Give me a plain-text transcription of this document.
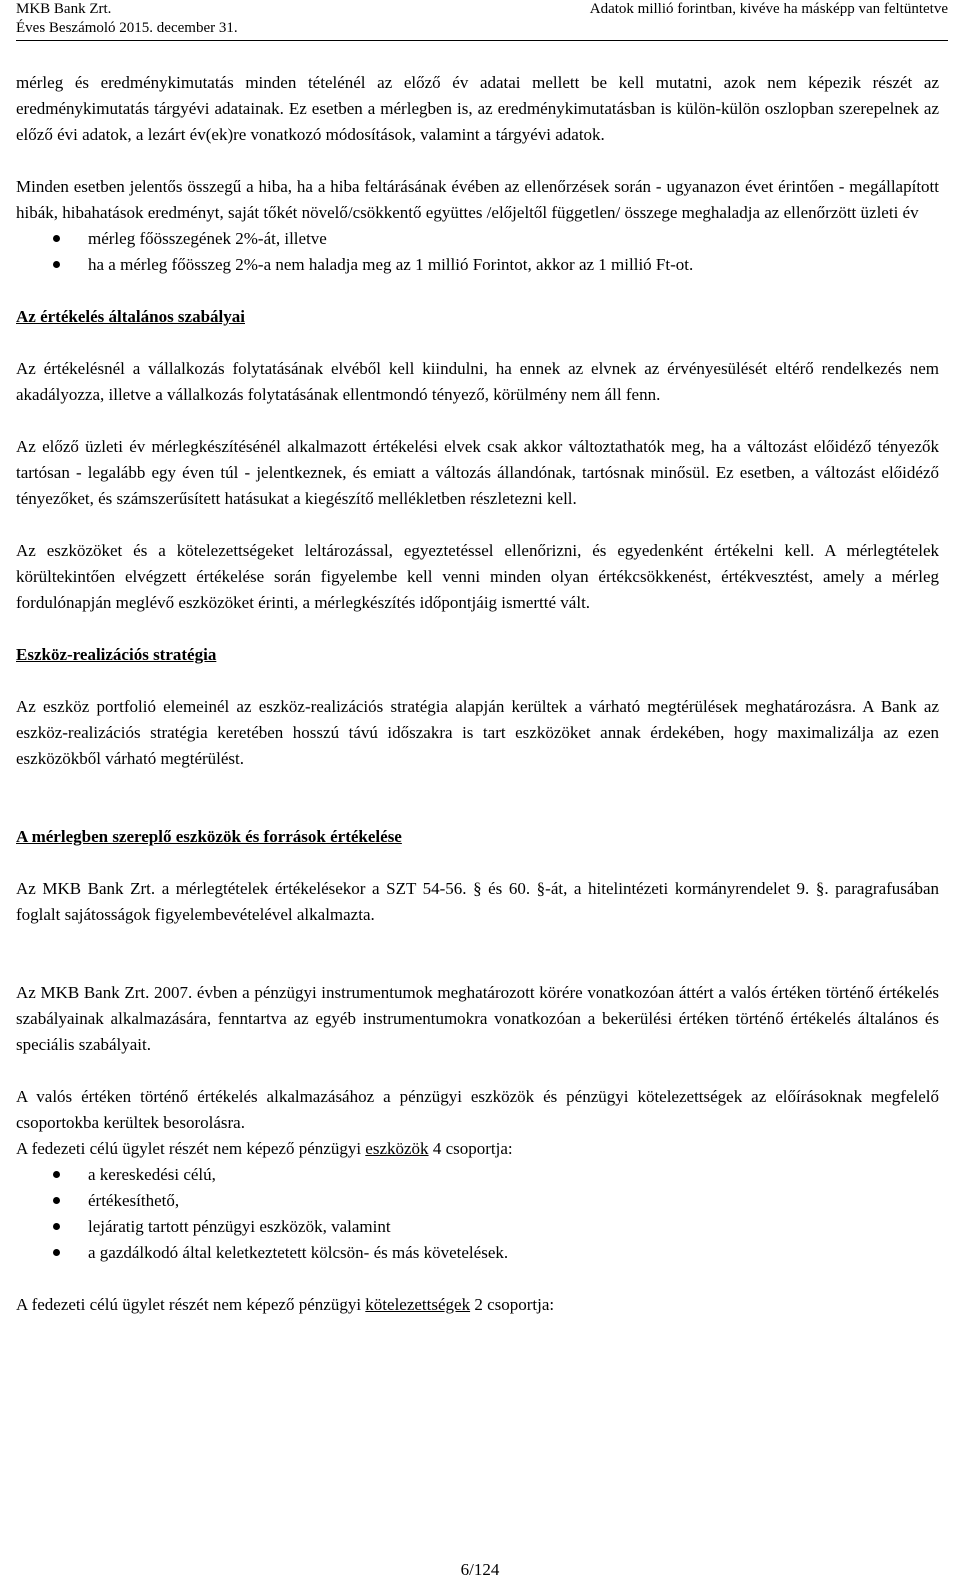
MKB Bank Zrt.
Éves Beszámoló 2015. december 31.
Adatok millió forintban, kivéve ha másképp van feltüntetve

mérleg és eredménykimutatás minden tételénél az előző év adatai mellett be kell mutatni, azok nem képezik részét az eredménykimutatás tárgyévi adatainak. Ez esetben a mérlegben is, az eredménykimutatásban is külön-külön oszlopban szerepelnek az előző évi adatok, a lezárt év(ek)re vonatkozó módosítások, valamint a tárgyévi adatok.

Minden esetben jelentős összegű a hiba, ha a hiba feltárásának évében az ellenőrzések során - ugyanazon évet érintően - megállapított hibák, hibahatások eredményt, saját tőkét növelő/csökkentő együttes /előjeltől független/ összege meghaladja az ellenőrzött üzleti év

mérleg főösszegének 2%-át, illetve
ha a mérleg főösszeg 2%-a nem haladja meg az 1 millió Forintot, akkor az 1 millió Ft-ot.
Az értékelés általános szabályai

Az értékelésnél a vállalkozás folytatásának elvéből kell kiindulni, ha ennek az elvnek az érvényesülését eltérő rendelkezés nem akadályozza, illetve a vállalkozás folytatásának ellentmondó tényező, körülmény nem áll fenn.

Az előző üzleti év mérlegkészítésénél alkalmazott értékelési elvek csak akkor változtathatók meg, ha a változást előidéző tényezők tartósan - legalább egy éven túl - jelentkeznek, és emiatt a változás állandónak, tartósnak minősül. Ez esetben, a változást előidéző tényezőket, és számszerűsített hatásukat a kiegészítő mellékletben részletezni kell.

Az eszközöket és a kötelezettségeket leltározással, egyeztetéssel ellenőrizni, és egyedenként értékelni kell. A mérlegtételek körültekintően elvégzett értékelése során figyelembe kell venni minden olyan értékcsökkenést, értékvesztést, amely a mérleg fordulónapján meglévő eszközöket érinti, a mérlegkészítés időpontjáig ismertté vált.

Eszköz-realizációs stratégia

Az eszköz portfolió elemeinél az eszköz-realizációs stratégia alapján kerültek a várható megtérülések meghatározásra. A Bank az eszköz-realizációs stratégia keretében hosszú távú időszakra is tart eszközöket annak érdekében, hogy maximalizálja az ezen eszközökből várható megtérülést.

A mérlegben szereplő eszközök és források értékelése

Az MKB Bank Zrt. a mérlegtételek értékelésekor a SZT 54-56. § és 60. §-át, a hitelintézeti kormányrendelet 9. §. paragrafusában foglalt sajátosságok figyelembevételével alkalmazta.

Az MKB Bank Zrt. 2007. évben a pénzügyi instrumentumok meghatározott körére vonatkozóan áttért a valós értéken történő értékelés szabályainak alkalmazására, fenntartva az egyéb instrumentumokra vonatkozóan a bekerülési értéken történő értékelés általános és speciális szabályait.

A valós értéken történő értékelés alkalmazásához a pénzügyi eszközök és pénzügyi kötelezettségek az előírásoknak megfelelő csoportokba kerültek besorolásra.

A fedezeti célú ügylet részét nem képező pénzügyi eszközök 4 csoportja:

a kereskedési célú,
értékesíthető,
lejáratig tartott pénzügyi eszközök, valamint
a gazdálkodó által keletkeztetett kölcsön- és más követelések.

A fedezeti célú ügylet részét nem képező pénzügyi kötelezettségek 2 csoportja:

6/124
